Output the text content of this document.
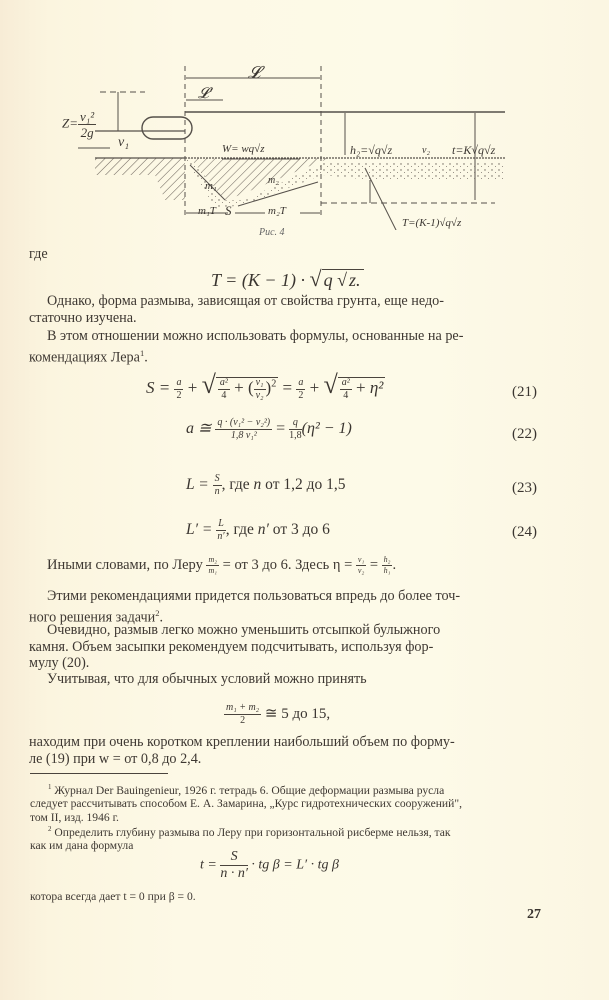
𝓛
𝓛′
$Z= \frac{\text{v₁²}}{2g}$
v₁	W= wq√z	h₂=√q√z	v₂ t=K√q√z
m₁	m₂
S
T=(K-1)√q√z
m₁T	m₂T
Рис. 4
где
T = (K − 1) · √ q √ z.
Однако, форма размыва, зависящая от свойства грунта, еще недо-
статочно изучена.
В этом отношении можно использовать формулы, основанные на ре-
комендациях Лера$^1$.
$S = \frac{a}{2}$ + √ $\frac{\text{a²}}{4}$ + ( $\frac{\text{v₁}}{\text{v₂}} )^2 = \frac{a}{2}$ + √ $\frac{\text{a²}}{4} + \eta^2$	(21)
a ≅ $\frac{\text{q · (v₁² − v₂²)}}{\text{1,8 v₁²}} = \frac{q}{1,8} (\eta^2 - 1)$	(22)
$L = \frac{S}{n}$ , где n от 1,2 до 1,5	(23)
$L' = \frac{L}{n'}$ , где n′ от 3 до 6	(24)
Иными словами, по Леру $\frac{\text{m₂}}{\text{m₁}}$ = от 3 до 6. Здесь $\eta = \frac{\text{v₁}}{\text{v₂}} = \frac{\text{h₂}}{\text{h₁}}$ .
Этими рекомендациями придется пользоваться впредь до более точ-
ного решения задачи$^2$.
Очевидно, размыв легко можно уменьшить отсыпкой булыжного
камня. Объем засыпки рекомендуем подсчитывать, используя фор-
мулу (20).
Учитывая, что для обычных условий можно принять
$\frac{\text{m₁ + m₂}}{2}$ ≅ 5 до 15,
находим при очень коротком креплении наибольший объем по форму-
ле (19) при w = от 0,8 до 2,4.
$^1$ Журнал Der Bauingenieur, 1926 г. тетрадь 6. Общие деформации размыва русла
следует рассчитывать способом Е. А. Замарина, „Курс гидротехнических сооружений",
том II, изд. 1946 г.
$^2$ Определить глубину размыва по Леру при горизонтальной рисберме нельзя, так
как им дана формула
$t = \frac{S}{n \cdot n'}$ · tg β = L′ · tg β
котора всегда дает t = 0 при β = 0.
27
